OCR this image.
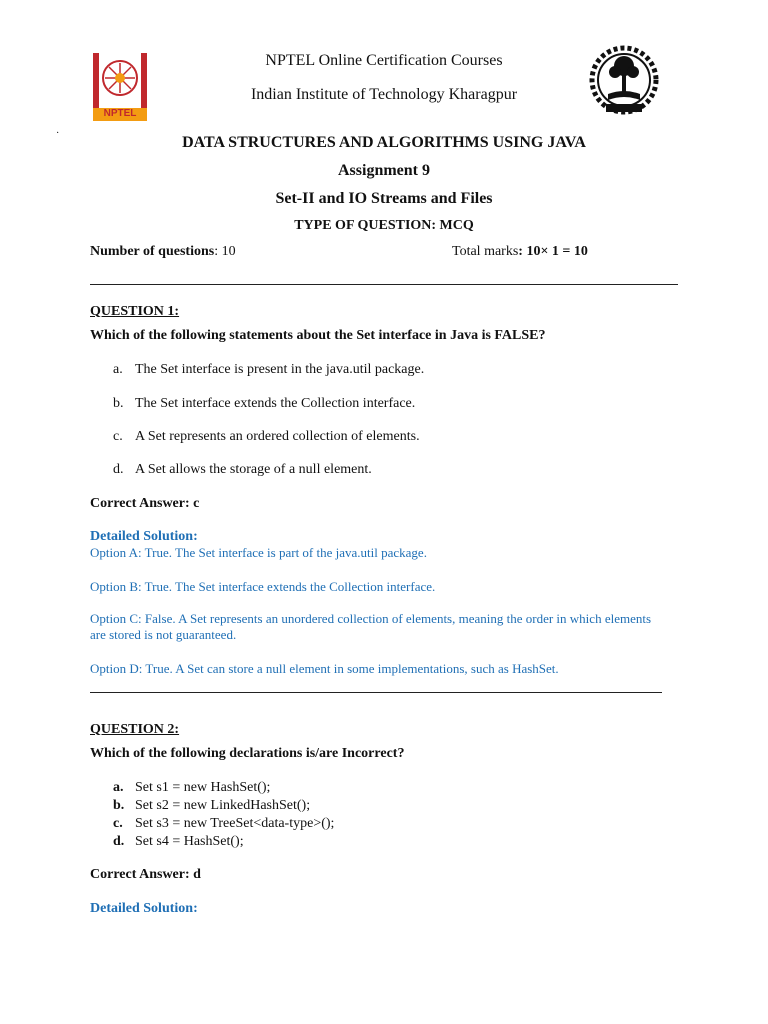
NPTEL
NPTEL Online Certification Courses
Indian Institute of Technology Kharagpur
·
DATA STRUCTURES AND ALGORITHMS USING JAVA
Assignment 9
Set-II and IO Streams and Files
TYPE OF QUESTION: MCQ
Number of questions: 10	Total marks: 10× 1 = 10
QUESTION 1:
Which of the following statements about the Set interface in Java is FALSE?
a. The Set interface is present in the java.util package.
b. The Set interface extends the Collection interface.
c. A Set represents an ordered collection of elements.
d. A Set allows the storage of a null element.
Correct Answer: c
Detailed Solution:
Option A: True. The Set interface is part of the java.util package.
Option B: True. The Set interface extends the Collection interface.
Option C: False. A Set represents an unordered collection of elements, meaning the order in which elements
are stored is not guaranteed.
Option D: True. A Set can store a null element in some implementations, such as HashSet.
QUESTION 2:
Which of the following declarations is/are Incorrect?
a. Set s1 = new HashSet();
b. Set s2 = new LinkedHashSet();
c. Set s3 = new TreeSet<data-type>();
d. Set s4 = HashSet();
Correct Answer: d
Detailed Solution:
